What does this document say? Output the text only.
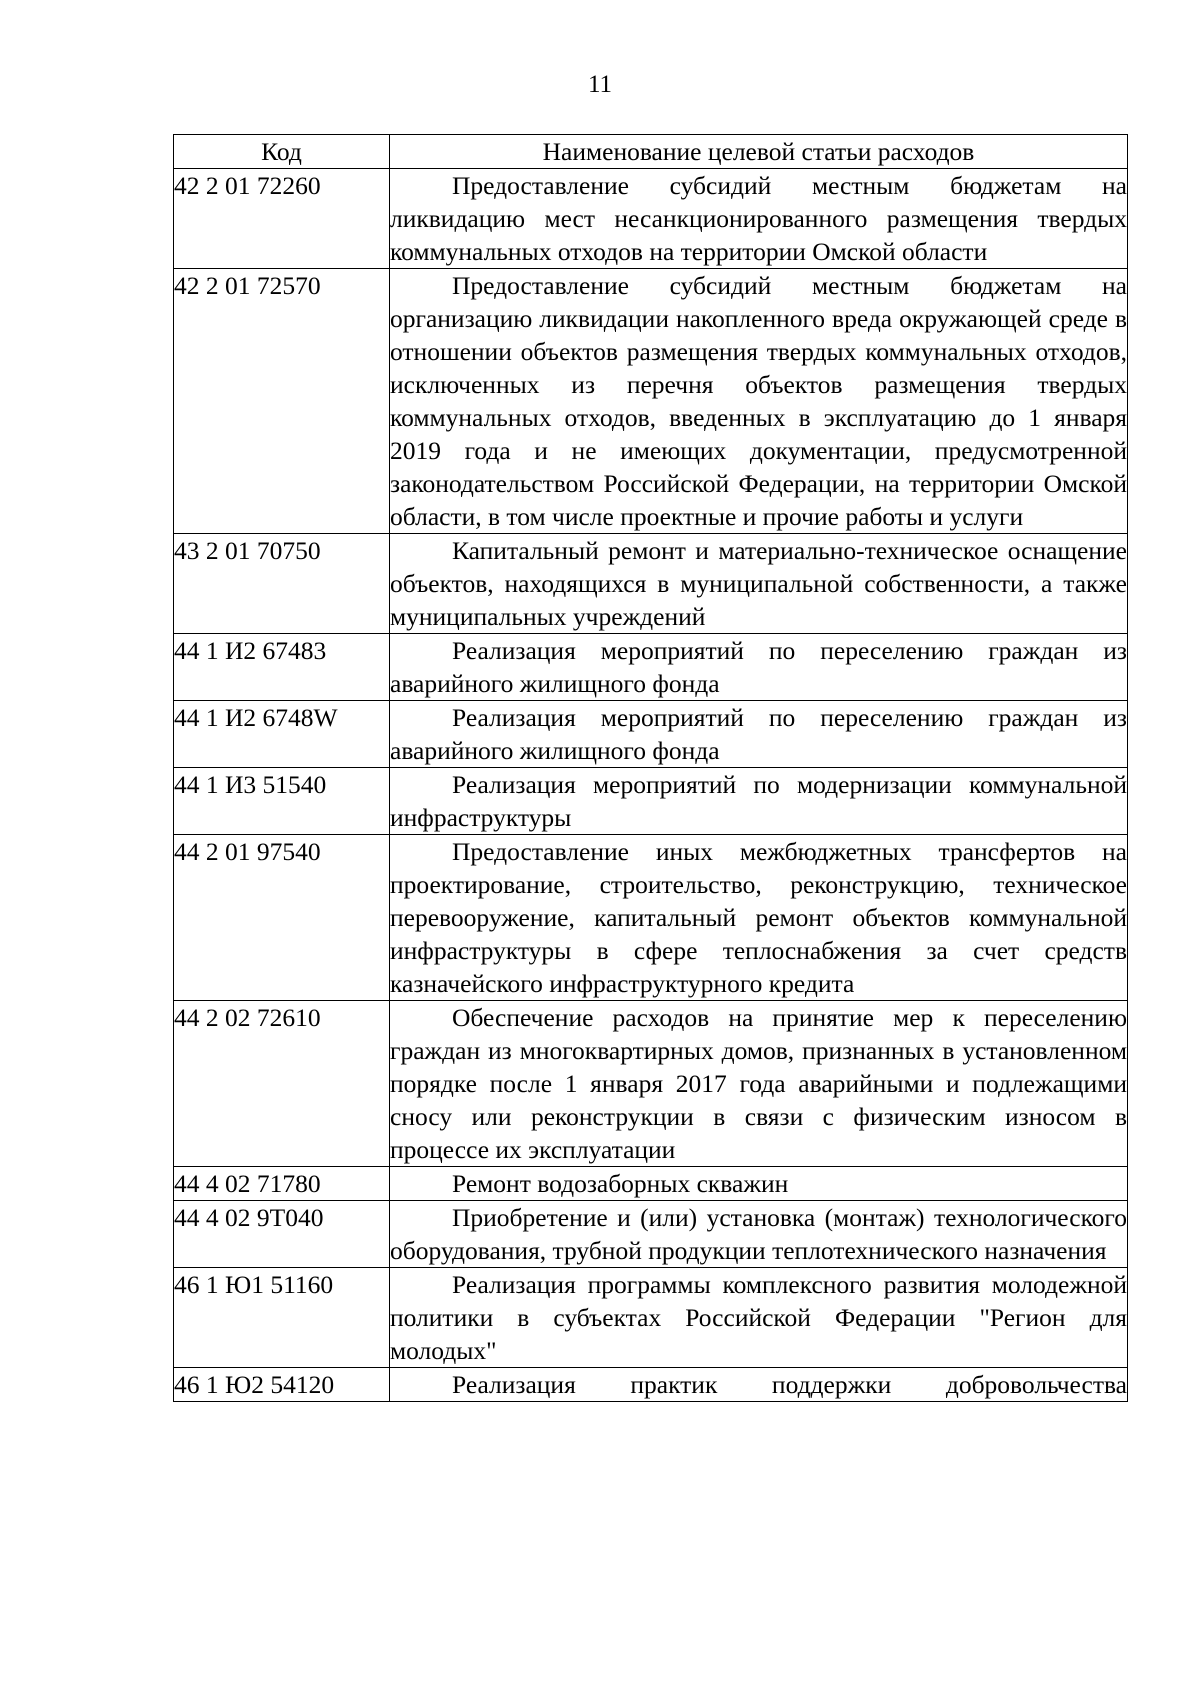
11
Код	Наименование целевой статьи расходов
42 2 01 72260	Предоставление субсидий местным бюджетам на ликвидацию мест несанкционированного размещения твердых коммунальных отходов на территории Омской области
42 2 01 72570	Предоставление субсидий местным бюджетам на организацию ликвидации накопленного вреда окружающей среде в отношении объектов размещения твердых коммунальных отходов, исключенных из перечня объектов размещения твердых коммунальных отходов, введенных в эксплуатацию до 1 января 2019 года и не имеющих документации, предусмотренной законодательством Российской Федерации, на территории Омской области, в том числе проектные и прочие работы и услуги
43 2 01 70750	Капитальный ремонт и материально-техническое оснащение объектов, находящихся в муниципальной собственности, а также муниципальных учреждений
44 1 И2 67483	Реализация мероприятий по переселению граждан из аварийного жилищного фонда
44 1 И2 6748W	Реализация мероприятий по переселению граждан из аварийного жилищного фонда
44 1 И3 51540	Реализация мероприятий по модернизации коммунальной инфраструктуры
44 2 01 97540	Предоставление иных межбюджетных трансфертов на проектирование, строительство, реконструкцию, техническое перевооружение, капитальный ремонт объектов коммунальной инфраструктуры в сфере теплоснабжения за счет средств казначейского инфраструктурного кредита
44 2 02 72610	Обеспечение расходов на принятие мер к переселению граждан из многоквартирных домов, признанных в установленном порядке после 1 января 2017 года аварийными и подлежащими сносу или реконструкции в связи с физическим износом в процессе их эксплуатации
44 4 02 71780	Ремонт водозаборных скважин
44 4 02 9Т040	Приобретение и (или) установка (монтаж) технологического оборудования, трубной продукции теплотехнического назначения
46 1 Ю1 51160	Реализация программы комплексного развития молодежной политики в субъектах Российской Федерации "Регион для молодых"
46 1 Ю2 54120	Реализация практик поддержки добровольчества
